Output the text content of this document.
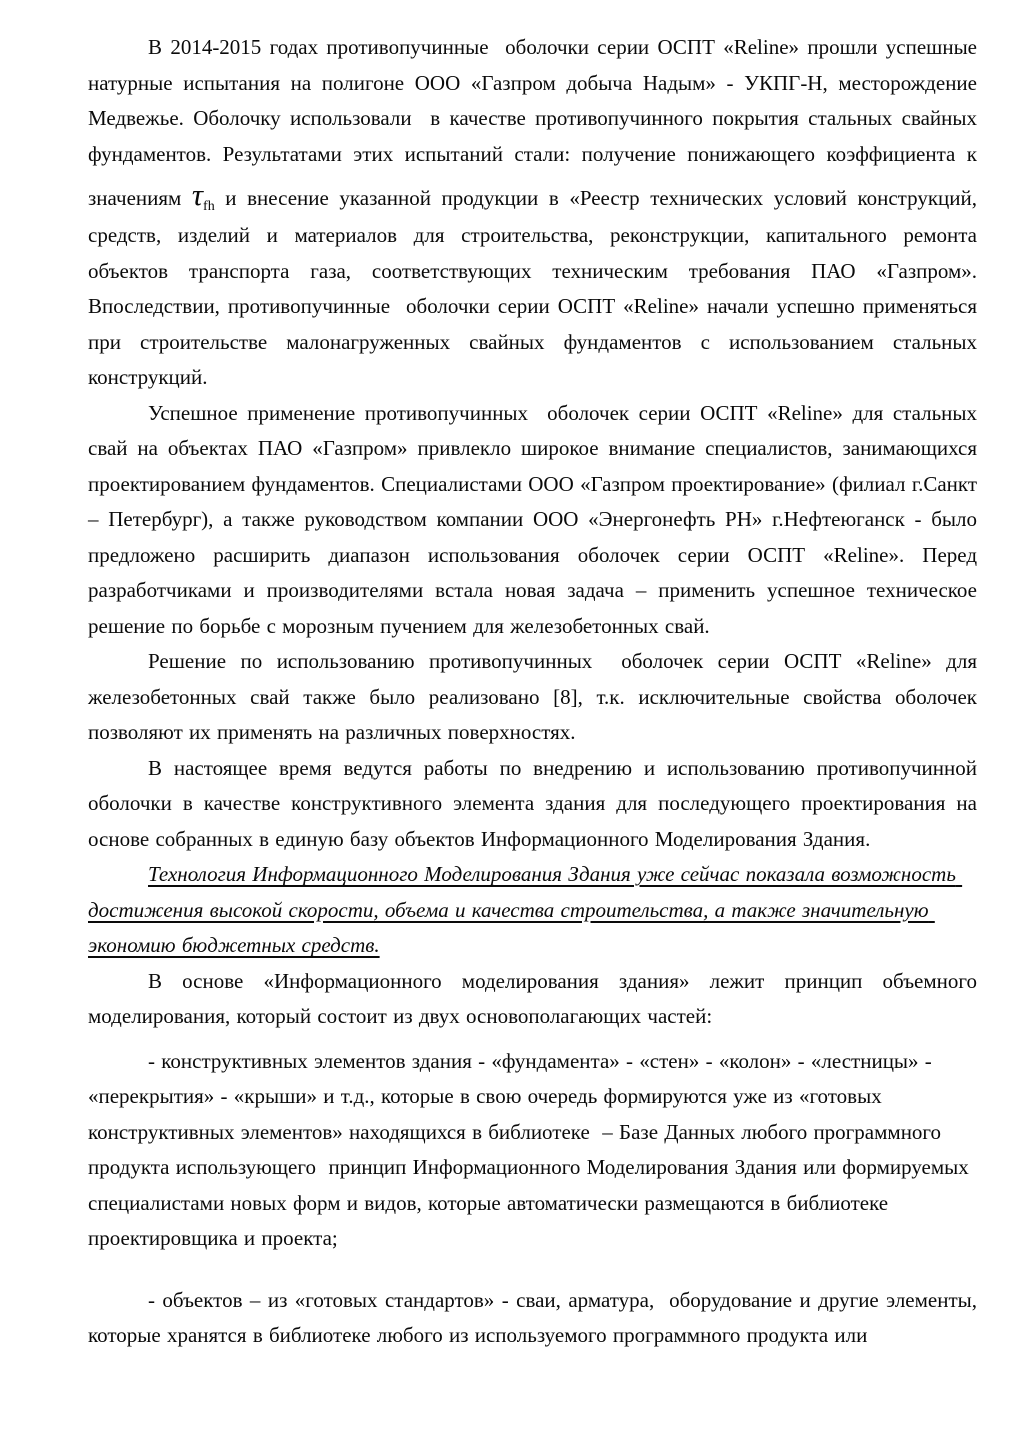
В 2014-2015 годах противопучинные  оболочки серии ОСПТ «Reline» прошли успешные натурные испытания на полигоне ООО «Газпром добыча Надым» - УКПГ-Н, месторождение Медвежье. Оболочку использовали  в качестве противопучинного покрытия стальных свайных фундаментов. Результатами этих испытаний стали: получение понижающего коэффициента к значениям $\tau_{fh}$ и внесение указанной продукции в «Реестр технических условий конструкций, средств, изделий и материалов для строительства, реконструкции, капитального ремонта объектов транспорта газа, соответствующих техническим требования ПАО «Газпром». Впоследствии, противопучинные  оболочки серии ОСПТ «Reline» начали успешно применяться при строительстве малонагруженных свайных фундаментов с использованием стальных конструкций.

Успешное применение противопучинных  оболочек серии ОСПТ «Reline» для стальных свай на объектах ПАО «Газпром» привлекло широкое внимание специалистов, занимающихся проектированием фундаментов. Специалистами ООО «Газпром проектирование» (филиал г.Санкт – Петербург), а также руководством компании ООО «Энергонефть РН» г.Нефтеюганск - было предложено расширить диапазон использования оболочек серии ОСПТ «Reline». Перед разработчиками и производителями встала новая задача – применить успешное техническое решение по борьбе с морозным пучением для железобетонных свай.

Решение по использованию противопучинных  оболочек серии ОСПТ «Reline» для железобетонных свай также было реализовано [8], т.к. исключительные свойства оболочек позволяют их применять на различных поверхностях.

В настоящее время ведутся работы по внедрению и использованию противопучинной оболочки в качестве конструктивного элемента здания для последующего проектирования на основе собранных в единую базу объектов Информационного Моделирования Здания.

Технология Информационного Моделирования Здания уже сейчас показала возможность достижения высокой скорости, объема и качества строительства, а также значительную экономию бюджетных средств.

В основе «Информационного моделирования здания» лежит принцип объемного моделирования, который состоит из двух основополагающих частей:

- конструктивных элементов здания - «фундамента» - «стен» - «колон» - «лестницы» - «перекрытия» - «крыши» и т.д., которые в свою очередь формируются уже из «готовых конструктивных элементов» находящихся в библиотеке  – Базе Данных любого программного продукта использующего  принцип Информационного Моделирования Здания или формируемых специалистами новых форм и видов, которые автоматически размещаются в библиотеке проектировщика и проекта;

- объектов – из «готовых стандартов» - сваи, арматура,  оборудование и другие элементы, которые хранятся в библиотеке любого из используемого программного продукта или
